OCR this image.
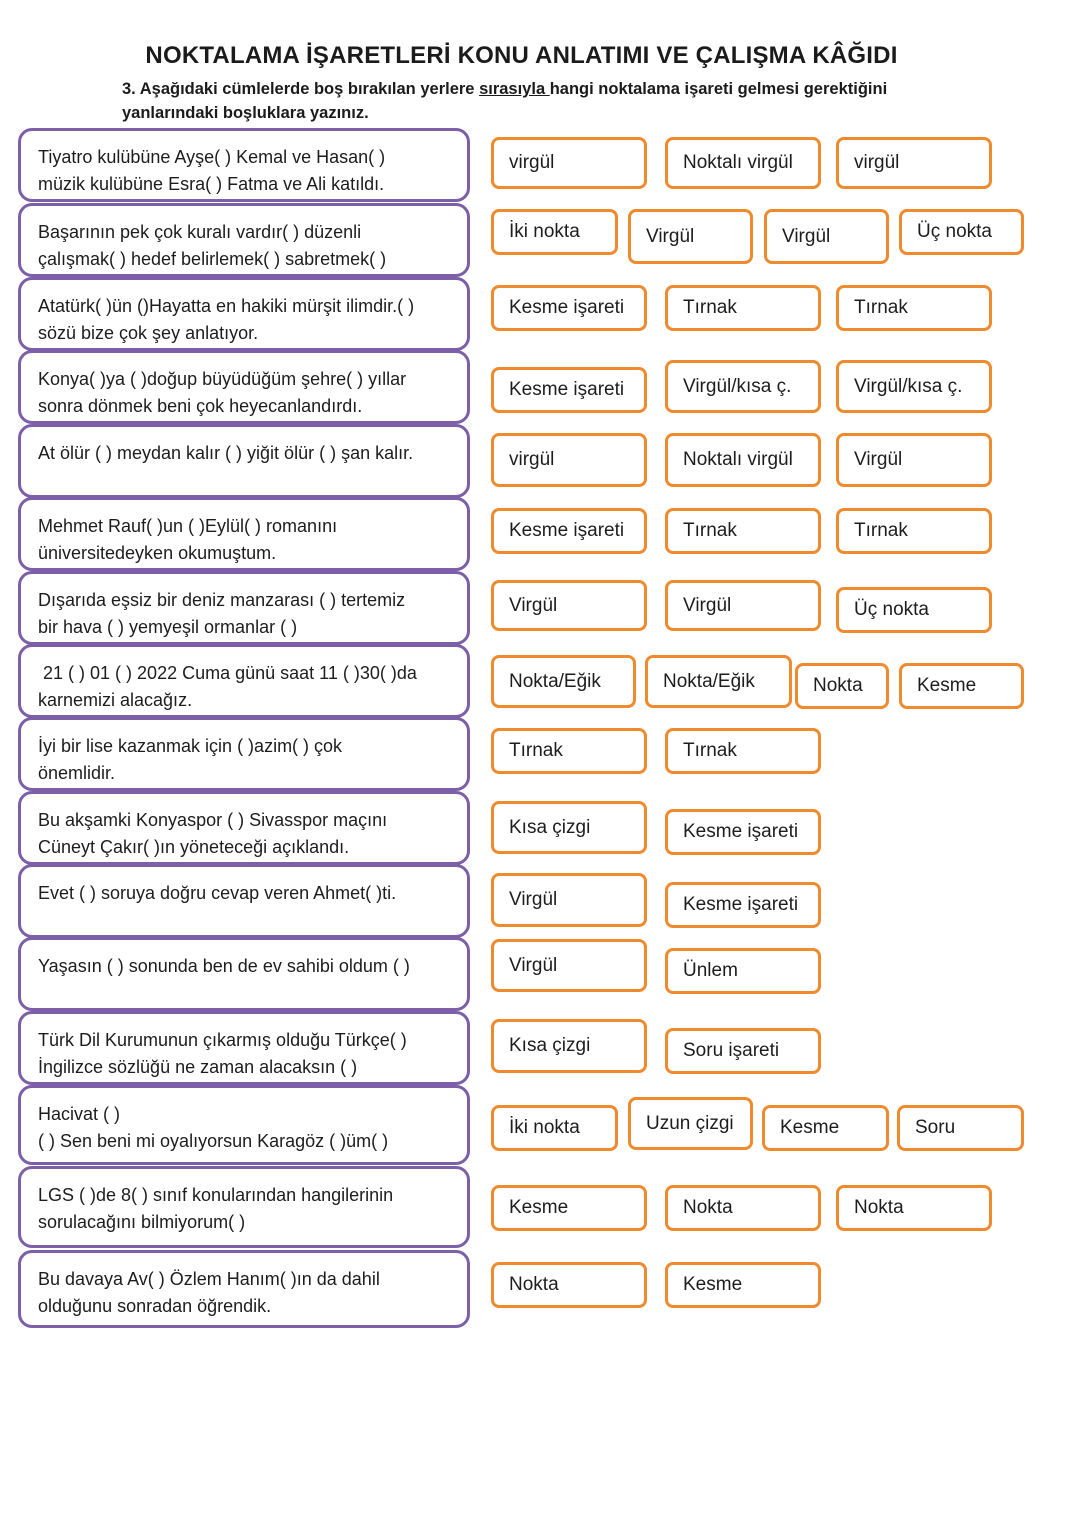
NOKTALAMA İŞARETLERİ KONU ANLATIMI VE ÇALIŞMA KÂĞIDI
3. Aşağıdaki cümlelerde boş bırakılan yerlere sırasıyla hangi noktalama işareti gelmesi gerektiğini yanlarındaki boşluklara yazınız.
Tiyatro kulübüne Ayşe( ) Kemal ve Hasan( )
müzik kulübüne Esra( ) Fatma ve Ali katıldı.
virgül	Noktalı virgül	virgül
Başarının pek çok kuralı vardır( ) düzenli
çalışmak( ) hedef belirlemek( ) sabretmek( )
İki nokta	Virgül	Virgül	Üç nokta
Atatürk( )ün ()Hayatta en hakiki mürşit ilimdir.( )
sözü bize çok şey anlatıyor.
Kesme işareti	Tırnak	Tırnak
Konya( )ya ( )doğup büyüdüğüm şehre( ) yıllar
sonra dönmek beni çok heyecanlandırdı.
Kesme işareti	Virgül/kısa ç.	Virgül/kısa ç.
At ölür ( ) meydan kalır ( ) yiğit ölür ( ) şan kalır.	virgül	Noktalı virgül	Virgül
Mehmet Rauf( )un ( )Eylül( ) romanını
üniversitedeyken okumuştum.
Kesme işareti	Tırnak	Tırnak
Dışarıda eşsiz bir deniz manzarası ( ) tertemiz
bir hava ( ) yemyeşil ormanlar ( )
Virgül	Virgül	Üç nokta
21 ( ) 01 ( ) 2022 Cuma günü saat 11 ( )30( )da
karnemizi alacağız.
Nokta/Eğik	Nokta/Eğik	Nokta	Kesme
İyi bir lise kazanmak için ( )azim( ) çok
önemlidir.
Tırnak	Tırnak
Bu akşamki Konyaspor ( ) Sivasspor maçını
Cüneyt Çakır( )ın yöneteceği açıklandı.
Kısa çizgi	Kesme işareti
Evet ( ) soruya doğru cevap veren Ahmet( )ti.	Virgül	Kesme işareti
Yaşasın ( ) sonunda ben de ev sahibi oldum ( )	Virgül	Ünlem
Türk Dil Kurumunun çıkarmış olduğu Türkçe( )
İngilizce sözlüğü ne zaman alacaksın ( )
Kısa çizgi	Soru işareti
Hacivat ( )
( ) Sen beni mi oyalıyorsun Karagöz ( )üm( )
İki nokta	Uzun çizgi	Kesme	Soru
LGS ( )de 8( ) sınıf konularından hangilerinin
sorulacağını bilmiyorum( )
Kesme	Nokta	Nokta
Bu davaya Av( ) Özlem Hanım( )ın da dahil
olduğunu sonradan öğrendik.
Nokta	Kesme
